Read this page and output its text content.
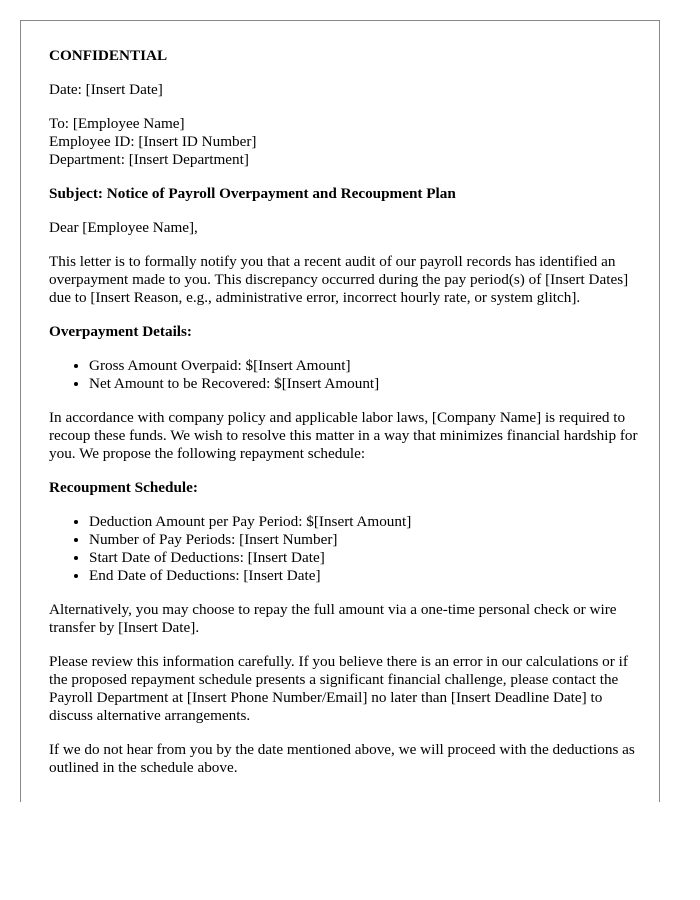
CONFIDENTIAL

Date: [Insert Date]

To: [Employee Name]
Employee ID: [Insert ID Number]
Department: [Insert Department]

Subject: Notice of Payroll Overpayment and Recoupment Plan

Dear [Employee Name],

This letter is to formally notify you that a recent audit of our payroll records has identified an overpayment made to you. This discrepancy occurred during the pay period(s) of [Insert Dates] due to [Insert Reason, e.g., administrative error, incorrect hourly rate, or system glitch].

Overpayment Details:

• Gross Amount Overpaid: $[Insert Amount]
• Net Amount to be Recovered: $[Insert Amount]

In accordance with company policy and applicable labor laws, [Company Name] is required to recoup these funds. We wish to resolve this matter in a way that minimizes financial hardship for you. We propose the following repayment schedule:

Recoupment Schedule:

• Deduction Amount per Pay Period: $[Insert Amount]
• Number of Pay Periods: [Insert Number]
• Start Date of Deductions: [Insert Date]
• End Date of Deductions: [Insert Date]

Alternatively, you may choose to repay the full amount via a one-time personal check or wire transfer by [Insert Date].

Please review this information carefully. If you believe there is an error in our calculations or if the proposed repayment schedule presents a significant financial challenge, please contact the Payroll Department at [Insert Phone Number/Email] no later than [Insert Deadline Date] to discuss alternative arrangements.

If we do not hear from you by the date mentioned above, we will proceed with the deductions as outlined in the schedule above.
